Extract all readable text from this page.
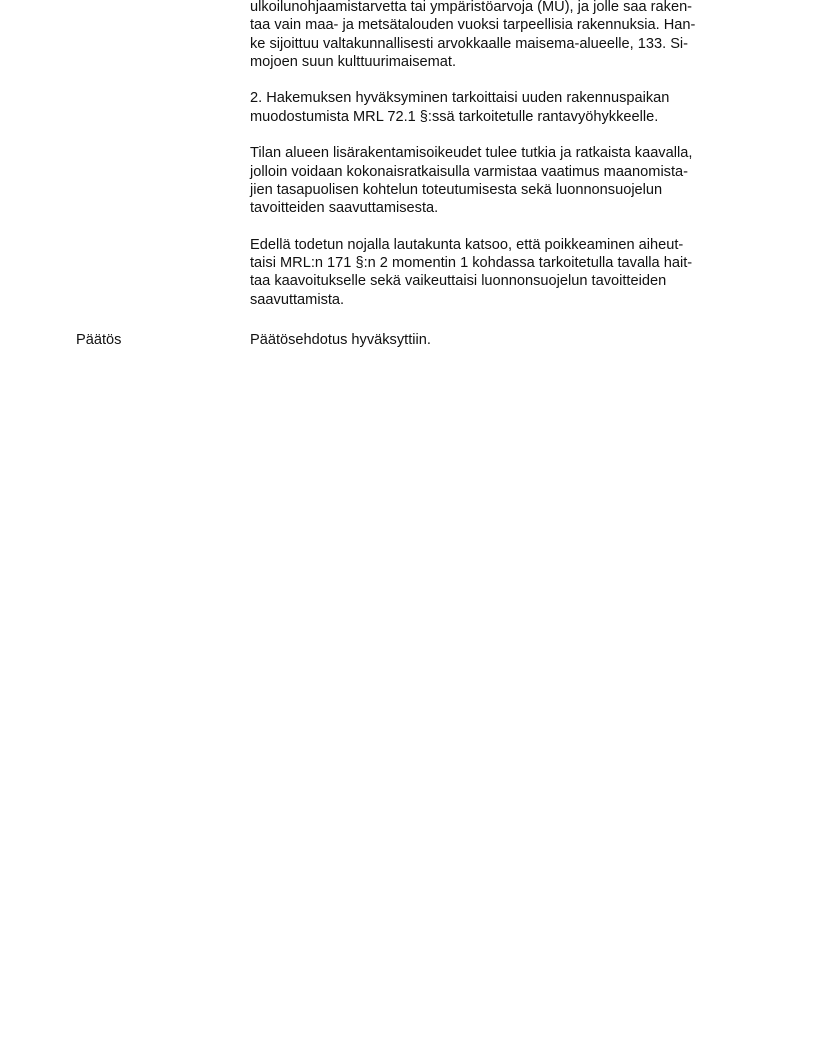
ulkoilunohjaamistarvetta tai ympäristöarvoja (MU), ja jolle saa raken-
taa vain maa- ja metsätalouden vuoksi tarpeellisia rakennuksia. Han-
ke sijoittuu valtakunnallisesti arvokkaalle maisema-alueelle, 133. Si-
mojoen suun kulttuurimaisemat.
2. Hakemuksen hyväksyminen tarkoittaisi uuden rakennuspaikan
muodostumista MRL 72.1 §:ssä tarkoitetulle rantavyöhykkeelle.
Tilan alueen lisärakentamisoikeudet tulee tutkia ja ratkaista kaavalla,
jolloin voidaan kokonaisratkaisulla varmistaa vaatimus maanomista-
jien tasapuolisen kohtelun toteutumisesta sekä luonnonsuojelun
tavoitteiden saavuttamisesta.
Edellä todetun nojalla lautakunta katsoo, että poikkeaminen aiheut-
taisi MRL:n 171 §:n 2 momentin 1 kohdassa tarkoitetulla tavalla hait-
taa kaavoitukselle sekä vaikeuttaisi luonnonsuojelun tavoitteiden
saavuttamista.
Päätös	Päätösehdotus hyväksyttiin.
